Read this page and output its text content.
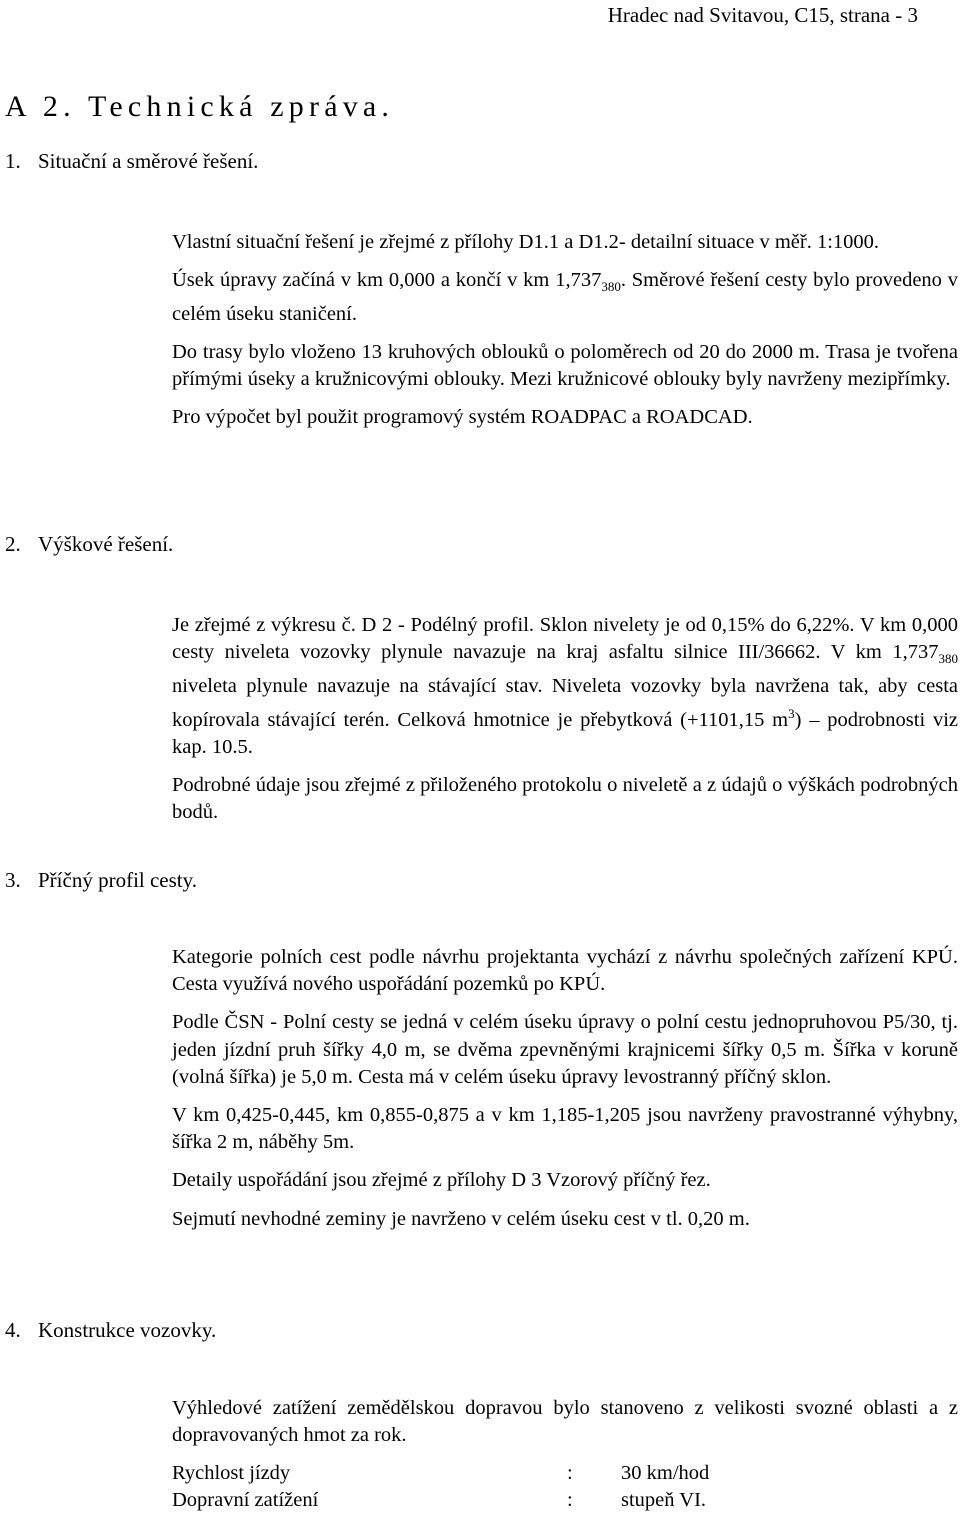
Hradec nad Svitavou, C15, strana - 3
A 2. Technická zpráva.
1. Situační a směrové řešení.

Vlastní situační řešení je zřejmé z přílohy D1.1 a D1.2- detailní situace v měř. 1:1000.

Úsek úpravy začíná v km 0,000 a končí v km $1,737_{380}$. Směrové řešení cesty bylo provedeno v celém úseku staničení.

Do trasy bylo vloženo 13 kruhových oblouků o poloměrech od 20 do 2000 m. Trasa je tvořena přímými úseky a kružnicovými oblouky. Mezi kružnicové oblouky byly navrženy mezipřímky.

Pro výpočet byl použit programový systém ROADPAC a ROADCAD.

2. Výškové řešení.

Je zřejmé z výkresu č. D 2 - Podélný profil. Sklon nivelety je od 0,15% do 6,22%. V km 0,000 cesty niveleta vozovky plynule navazuje na kraj asfaltu silnice III/36662. V km $1,737_{380}$ niveleta plynule navazuje na stávající stav. Niveleta vozovky byla navržena tak, aby cesta kopírovala stávající terén. Celková hmotnice je přebytková (+1101,15 $m^3$) – podrobnosti viz kap. 10.5.

Podrobné údaje jsou zřejmé z přiloženého protokolu o niveletě a z údajů o výškách podrobných bodů.

3. Příčný profil cesty.

Kategorie polních cest podle návrhu projektanta vychází z návrhu společných zařízení KPÚ. Cesta využívá nového uspořádání pozemků po KPÚ.

Podle ČSN - Polní cesty se jedná v celém úseku úpravy o polní cestu jednopruhovou P5/30, tj. jeden jízdní pruh šířky 4,0 m, se dvěma zpevněnými krajnicemi šířky 0,5 m. Šířka v koruně (volná šířka) je 5,0 m. Cesta má v celém úseku úpravy levostranný příčný sklon.

V km 0,425-0,445, km 0,855-0,875 a v km 1,185-1,205 jsou navrženy pravostranné výhybny, šířka 2 m, náběhy 5m.

Detaily uspořádání jsou zřejmé z přílohy D 3 Vzorový příčný řez.

Sejmutí nevhodné zeminy je navrženo v celém úseku cest v tl. 0,20 m.

4. Konstrukce vozovky.

Výhledové zatížení zemědělskou dopravou bylo stanoveno z velikosti svozné oblasti a z dopravovaných hmot za rok.

Rychlost jízdy	: 30 km/hod
Dopravní zatížení	: stupeň VI.
